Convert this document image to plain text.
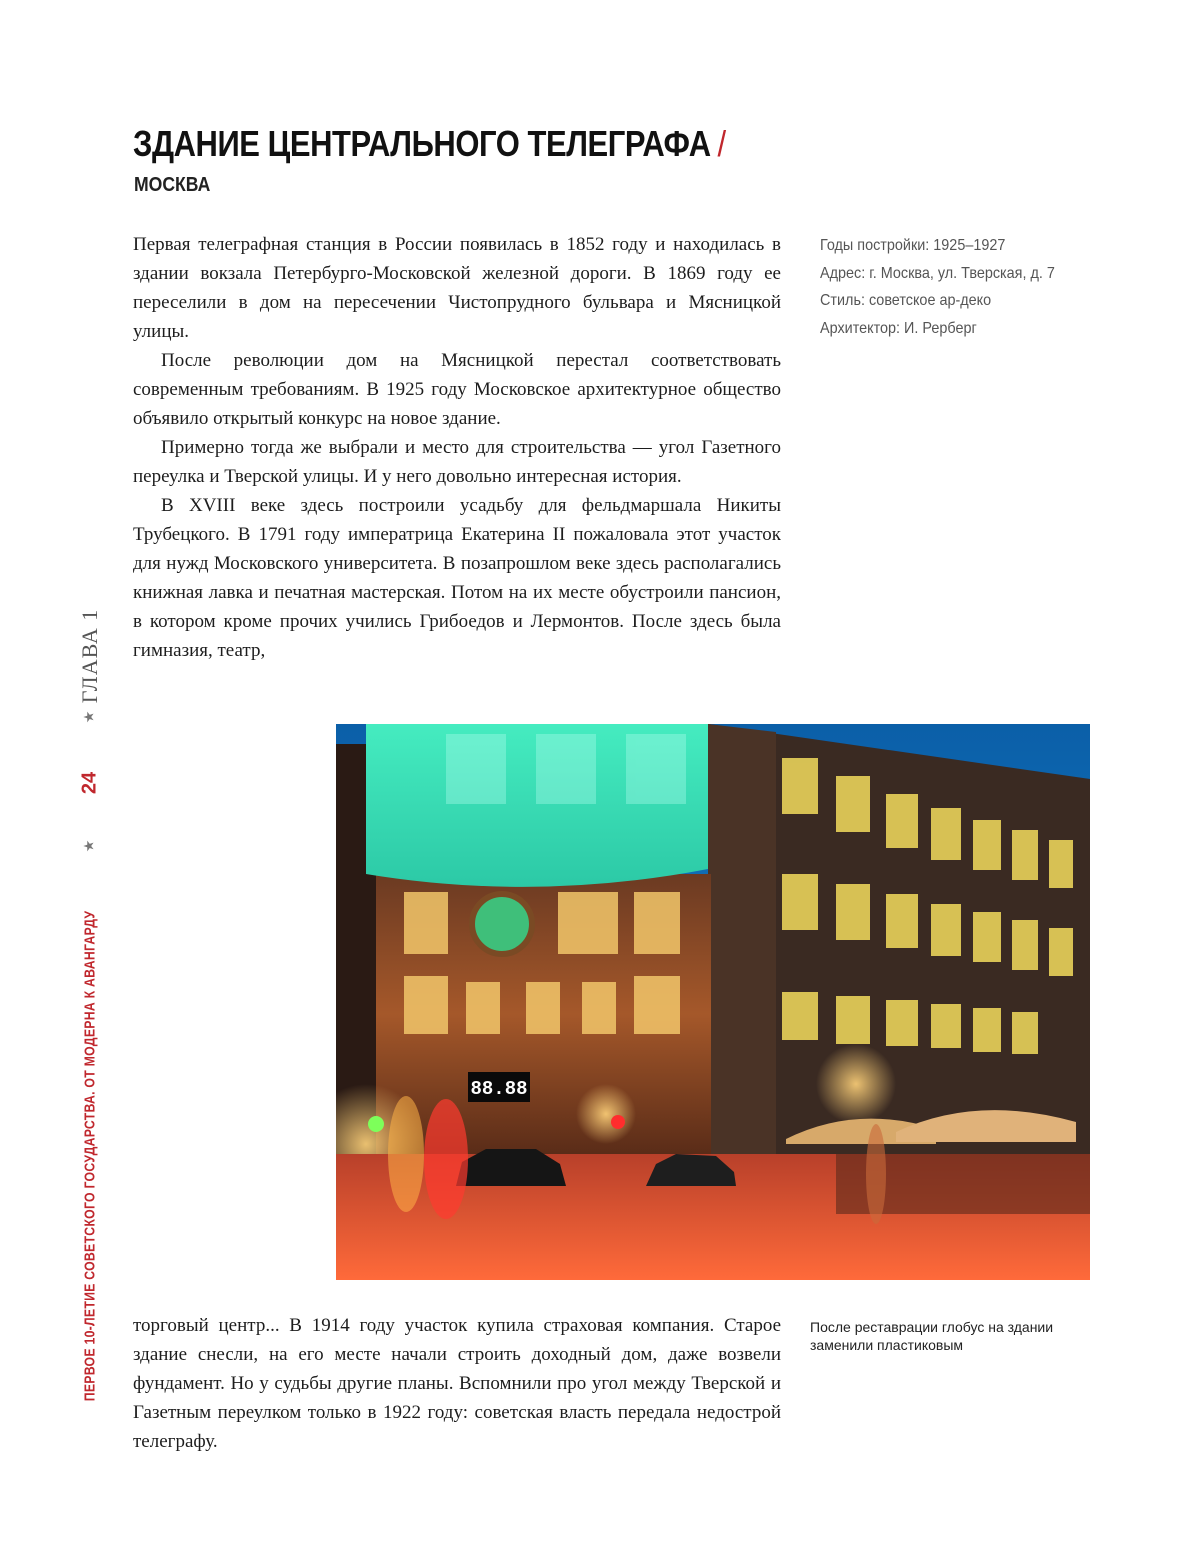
ЗДАНИЕ ЦЕНТРАЛЬНОГО ТЕЛЕГРАФА /
МОСКВА

Первая телеграфная станция в России появилась в 1852 году и находилась в здании вокзала Петербурго-Московской железной дороги. В 1869 году ее переселили в дом на пересечении Чистопрудного бульвара и Мясницкой улицы.

После революции дом на Мясницкой перестал соответствовать современным требованиям. В 1925 году Московское архитектурное общество объявило открытый конкурс на новое здание.

Примерно тогда же выбрали и место для строительства — угол Газетного переулка и Тверской улицы. И у него довольно интересная история.

В XVIII веке здесь построили усадьбу для фельдмаршала Никиты Трубецкого. В 1791 году императрица Екатерина II пожаловала этот участок для нужд Московского университета. В позапрошлом веке здесь располагались книжная лавка и печатная мастерская. Потом на их месте обустроили пансион, в котором кроме прочих учились Грибоедов и Лермонтов. После здесь была гимназия, театр,

Годы постройки: 1925–1927
Адрес: г. Москва, ул. Тверская, д. 7
Стиль: советское ар-деко
Архитектор: И. Рерберг
88.88

торговый центр... В 1914 году участок купила страховая компания. Старое здание снесли, на его месте начали строить доходный дом, даже возвели фундамент. Но у судьбы другие планы. Вспомнили про угол между Тверской и Газетным переулком только в 1922 году: советская власть передала недострой телеграфу.

После реставрации глобус на здании заменили пластиковым
ГЛАВА 1
★
24
★
ПЕРВОЕ 10-ЛЕТИЕ СОВЕТСКОГО ГОСУДАРСТВА. ОТ МОДЕРНА К АВАНГАРДУ
